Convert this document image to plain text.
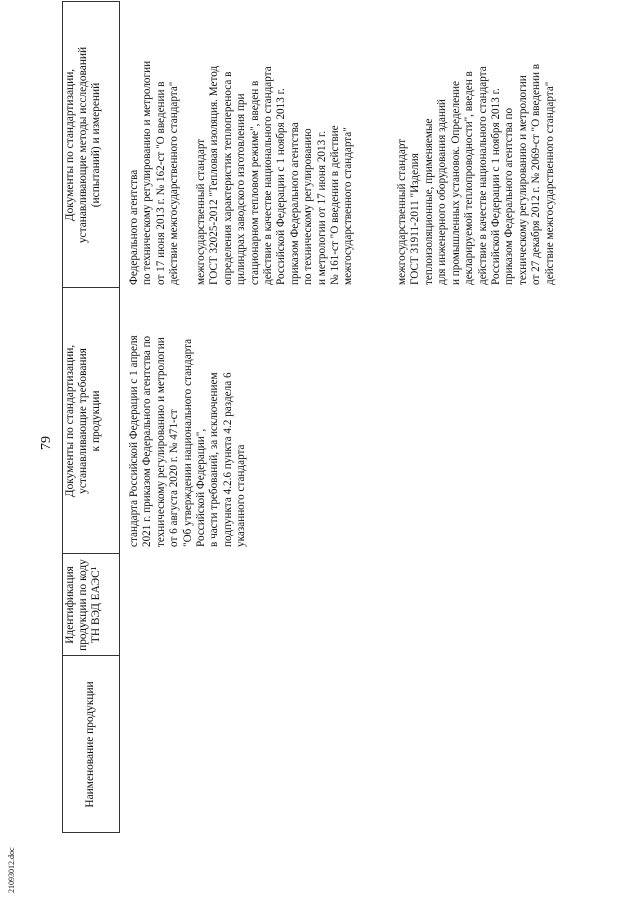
79
21093012.doc
Наименование продукции
Идентификация продукции по коду ТН ВЭД ЕАЭС¹
Документы по стандартизации, устанавливающие требования к продукции
Документы по стандартизации, устанавливающие методы исследований (испытаний) и измерений
стандарта Российской Федерации с 1 апреля 2021 г. приказом Федерального агентства по техническому регулированию и метрологии от 6 августа 2020 г. № 471-ст "Об утверждении национального стандарта Российской Федерации", в части требований, за исключением подпункта 4.2.6 пункта 4.2 раздела 6 указанного стандарта
Федерального агентства по техническому регулированию и метрологии от 17 июня 2013 г. № 162-ст "О введении в действие межгосударственного стандарта" межгосударственный стандарт ГОСТ 32025-2012 "Тепловая изоляция. Метод определения характеристик теплопереноса в цилиндрах заводского изготовления при стационарном тепловом режиме", введен в действие в качестве национального стандарта Российской Федерации с 1 ноября 2013 г. приказом Федерального агентства по техническому регулированию и метрологии от 17 июня 2013 г. № 161-ст "О введении в действие межгосударственного стандарта"	межгосударственный стандарт ГОСТ 31911-2011 "Изделия теплоизоляционные, применяемые для инженерного оборудования зданий и промышленных установок. Определение декларируемой теплопроводности", введен в действие в качестве национального стандарта Российской Федерации с 1 ноября 2013 г. приказом Федерального агентства по техническому регулированию и метрологии от 27 декабря 2012 г. № 2069-ст "О введении в действие межгосударственного стандарта"
